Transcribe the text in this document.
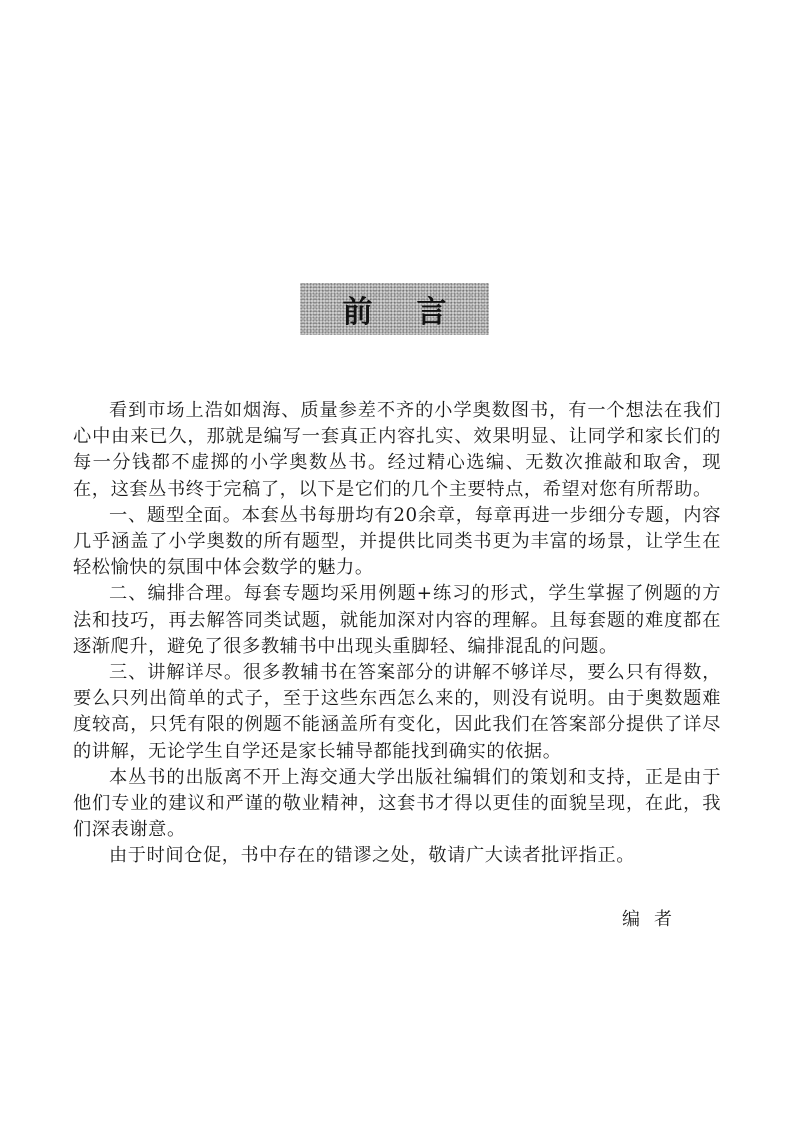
前言

看到市场上浩如烟海、质量参差不齐的小学奥数图书，有一个想法在我们心中由来已久，那就是编写一套真正内容扎实、效果明显、让同学和家长们的每一分钱都不虚掷的小学奥数丛书。经过精心选编、无数次推敲和取舍，现在，这套丛书终于完稿了，以下是它们的几个主要特点，希望对您有所帮助。

一、题型全面。本套丛书每册均有20余章，每章再进一步细分专题，内容几乎涵盖了小学奥数的所有题型，并提供比同类书更为丰富的场景，让学生在轻松愉快的氛围中体会数学的魅力。

二、编排合理。每套专题均采用例题+练习的形式，学生掌握了例题的方法和技巧，再去解答同类试题，就能加深对内容的理解。且每套题的难度都在逐渐爬升，避免了很多教辅书中出现头重脚轻、编排混乱的问题。

三、讲解详尽。很多教辅书在答案部分的讲解不够详尽，要么只有得数，要么只列出简单的式子，至于这些东西怎么来的，则没有说明。由于奥数题难度较高，只凭有限的例题不能涵盖所有变化，因此我们在答案部分提供了详尽的讲解，无论学生自学还是家长辅导都能找到确实的依据。

本丛书的出版离不开上海交通大学出版社编辑们的策划和支持，正是由于他们专业的建议和严谨的敬业精神，这套书才得以更佳的面貌呈现，在此，我们深表谢意。

由于时间仓促，书中存在的错谬之处，敬请广大读者批评指正。

编者
